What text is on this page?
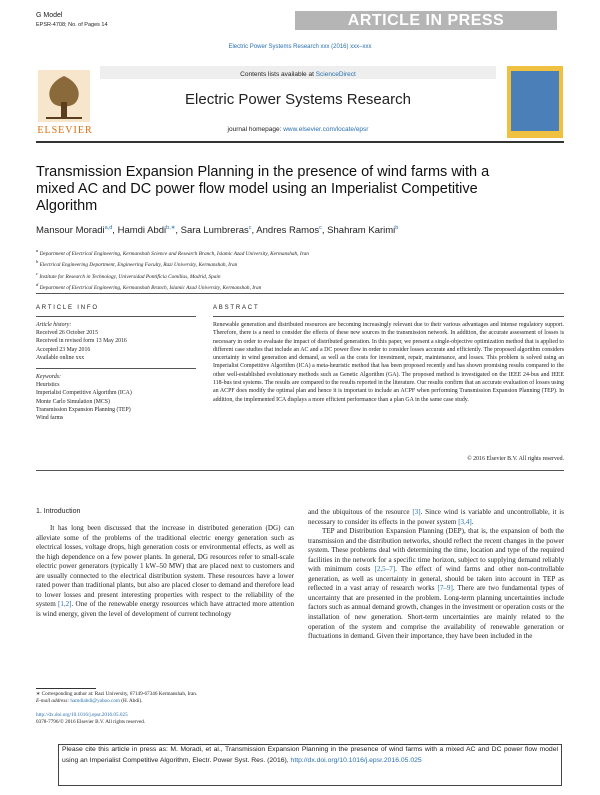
G Model
EPSR-4708; No. of Pages 14	ARTICLE IN PRESS
Electric Power Systems Research xxx (2016) xxx–xxx
ELSEVIER
Contents lists available at ScienceDirect
Electric Power Systems Research
journal homepage: www.elsevier.com/locate/epsr
Transmission Expansion Planning in the presence of wind farms with a mixed AC and DC power flow model using an Imperialist Competitive Algorithm
Mansour Moradi$^{a,d}$, Hamdi Abdi$^{b,∗}$, Sara Lumbreras$^c$, Andres Ramos$^c$, Shahram Karimi$^b$
$^a$ Department of Electrical Engineering, Kermanshah Science and Research Branch, Islamic Azad University, Kermanshah, Iran
$^b$ Electrical Engineering Department, Engineering Faculty, Razi University, Kermanshah, Iran
$^c$ Institute for Research in Technology, Universidad Pontificia Comillas, Madrid, Spain
$^d$ Department of Electrical Engineering, Kermanshah Branch, Islamic Azad University, Kermanshah, Iran
ARTICLE INFO	ABSTRACT
Article history:
Received 26 October 2015
Received in revised form 13 May 2016
Accepted 23 May 2016
Available online xxx
Keywords:
Heuristics
Imperialist Competitive Algorithm (ICA)
Monte Carlo Simulation (MCS)
Transmission Expansion Planning (TEP)
Wind farms
Renewable generation and distributed resources are becoming increasingly relevant due to their various advantages and intense regulatory support. Therefore, there is a need to consider the effects of these new sources in the transmission network. In addition, the accurate assessment of losses is necessary in order to evaluate the impact of distributed generation. In this paper, we present a single-objective optimization method that is applied to different case studies that include an AC and a DC power flow in order to consider losses accurate and efficiently. The proposed algorithm considers uncertainty in wind generation and demand, as well as the costs for investment, repair, maintenance, and losses. This problem is solved using an Imperialist Competitive Algorithm (ICA) a meta-heuristic method that has been proposed recently and has shown promising results compared to the other well-established evolutionary methods such as Genetic Algorithm (GA). The proposed method is investigated on the IEEE 24-bus and IEEE 118-bus test systems. The results are compared to the results reported in the literature. Our results confirm that an accurate evaluation of losses using an ACPF does modify the optimal plan and hence it is important to include an ACPF when performing Transmission Expansion Planning (TEP). In addition, the implemented ICA displays a more efficient performance than a plan GA in the same case study.
© 2016 Elsevier B.V. All rights reserved.
1. Introduction

It has long been discussed that the increase in distributed generation (DG) can alleviate some of the problems of the traditional electric energy generation such as electrical losses, voltage drops, high generation costs or environmental effects, as well as the high dependence on a few power plants. In general, DG resources refer to small-scale electric power generators (typically 1 kW–50 MW) that are placed next to customers and are usually connected to the electrical distribution system. These resources have a lower rated power than traditional plants, but also are placed closer to demand and therefore lead to lower losses and present interesting properties with respect to the reliability of the system [1,2]. One of the renewable energy resources which have attracted more attention is wind energy, given the level of development of current technology

and the ubiquitous of the resource [3]. Since wind is variable and uncontrollable, it is necessary to consider its effects in the power system [3,4].

TEP and Distribution Expansion Planning (DEP), that is, the expansion of both the transmission and the distribution networks, should reflect the recent changes in the power system. These problems deal with determining the time, location and type of the required facilities in the network for a specific time horizon, subject to supplying demand reliably with minimum costs [2,5–7]. The effect of wind farms and other non-controllable generation, as well as uncertainty in general, should be taken into account in TEP as reflected in a vast array of research works [7–9]. There are two fundamental types of uncertainty that are presented in the problem. Long-term planning uncertainties include factors such as annual demand growth, changes in the investment or operation costs or the installation of new generation. Short-term uncertainties are mainly related to the operation of the system and comprise the availability of renewable generation or fluctuations in demand. Given their importance, they have been included in the

∗ Corresponding author at: Razi University, 67149-67346 Kermanshah, Iran.
E-mail address: hamdiabdi@yahoo.com (H. Abdi).
http://dx.doi.org/10.1016/j.epsr.2016.05.025
0378-7796/© 2016 Elsevier B.V. All rights reserved.
Please cite this article in press as: M. Moradi, et al., Transmission Expansion Planning in the presence of wind farms with a mixed AC and DC power flow model using an Imperialist Competitive Algorithm, Electr. Power Syst. Res. (2016), http://dx.doi.org/10.1016/j.epsr.2016.05.025
